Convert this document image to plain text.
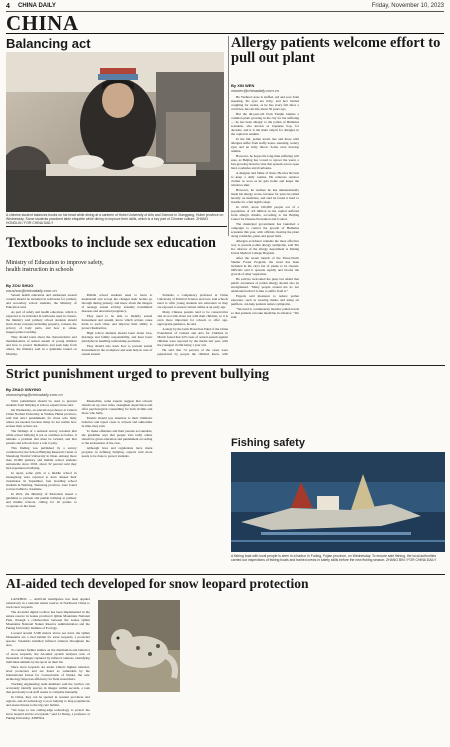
4 CHINA DAILY	Friday, November 10, 2023
CHINA
Balancing act
A chinese student balances books on his head while dining at a canteen of Hubei University of Arts and Science in Xiangyang, Hubei province on Wednesday. Some students practiced table etiquette while dining to improve their skills, which is a key part of Chinese culture. ZHANG HONGLIN / FOR CHINA DAILY
Allergy patients welcome effort to pull out plant
By XIN WEN
xinwen@chinadaily.com.cn

He Yazhuo's nose is stuffed, red and sore from sneezing, his eyes are itchy, and he's battled coughing for weeks, as he has every fall since a cold blew into his life about 30 years ago.

But the 46-year-old from Tianjin blames a common plant growing in the city for his suffering — he has been allergic to the pollen of Humulus scandens, also known as Japanese hop, for decades, and it is the main culprit for allergies in the capital in autumn.

In the fall, pollen levels rise and those with allergies suffer from stuffy noses, sneezing, watery eyes and an itchy throat. Some even develop asthma.

However, he hopes his long-time suffering will ease, as Beijing has vowed to uproot the weed, a fast-growing invasive vine that spreads across open land, roadsides and riverbanks.

A designer and father of three, He tries his best to keep a daily routine. He removes outdoor clothes as soon as he gets home and keeps the windows shut.

However, he realizes he has unintentionally made his allergy worse, because for years he relied heavily on medicine, and said he found it hard to breathe for a full night's sleep.

In 2016, about 100,000 people out of a population of 4.6 million in the capital suffered from allergic rhinitis, according to the Beijing Center for Disease Prevention and Control.

The municipal government has launched a campaign to control the growth of Humulus scandens this year, with officials clearing the plant along roadsides, parks and green belts.

Allergen avoidance remains the most effective way to prevent pollen allergy symptoms, said Yin Jia, director of the allergy department at Peking Union Medical College Hospital.

After the recent launch of the Three-North Shelter Forest Program, the weed has been included in the city's list of plants to be cleared. Officials said it spreads rapidly and blocks the growth of other vegetation.

He said he welcomed the plan, but added that public awareness of pollen allergy should also be strengthened. "Many people around me do not understand what it is like to suffer from it."

Experts said measures to reduce pollen exposure, such as wearing masks and using air purifiers, can help patients reduce symptoms.

"We need to continuously monitor pollen levels so that patients can take medicine in advance," Yin said.

Textbooks to include sex education
Ministry of Education to improve safety, health instruction in schools
By ZOU SHUO
zoushuo@chinadaily.com.cn

Sexual health education and antisexual assault content should be included in textbooks for primary and secondary school students, the Ministry of Education said.

As part of safety and health education, which is expected to be included in textbooks used in classes, the ministry said primary school students should learn about concepts including property, consent, the privacy of body parts, and how to refuse inappropriate touching.

They should learn about the characteristics and manifestations of sexual assault of young children and how to protect themselves and seek help from others, the ministry said in a guideline issued on Monday.

Middle school students need to learn to understand and accept the changes their bodies go through during puberty, and know about the dangers of teenage sexual activity, sexually transmitted diseases and unwanted pregnancy.

They need to be able to identify sexual harassment and assault, know which actions cause harm to each other, and improve their ability to protect themselves.

High school students should learn about love, marriage and family responsibility, and have basic principles in handling relationship problems.

They should also learn how to prevent sexual harassment in the workplace and seek help in case of sexual assault.

Students, a compulsory professor at China University of Political Science and Law, said schools need to offer young students sex education as they are exposed to sexual content online at an early age.

Many Chinese parents tend to be conservative and do not talk about sex with their children, so it is even more important for schools to offer age-appropriate guidance, he said.

A study by the Girls Protection Fund of the China Foundation of Culture and Arts for Children in March found that 223 cases of sexual assault against children were reported by the media last year, with the youngest victim being 1 year old.

He said that 74 percent of the cases were perpetrated by people the children knew, with

Strict punishment urged to prevent bullying
By ZHAO XINYING
zhaoxinying@chinadaily.com.cn

Strict punishment should be used to prevent students from bullying at school, experts have said.

On Wednesday, an education professor at Central China Normal University in Wuhan, Hubei province, said that strict punishments for those who bully others are needed, because many do not realize how serious their actions are.

The findings of a national survey revealed that while school bullying is not as common as before, it remains a problem that must be tackled, and that parents and schools have a role to play.

This finding was published by a survey conducted by the School Bullying Research Center at Shandong Normal University in Jinan. Among more than 10,000 primary and middle school students nationwide since 2018, about 32 percent said they had experienced bullying.

In April, some girls at a middle school in Guangdong were reported to have abused their classmates. In September, four boarding school students in Weifang, Shandong province, were found to have bullied a classmate.

In 2021, the Ministry of Education issued a guideline to prevent and punish bullying at primary and middle schools, calling for all parties to cooperate on the issue.

Meanwhile, some experts suggest that schools should set up clear rules, strengthen supervision and offer psychological counselling for both victims and those who bully.

Parents should pay attention to their children's behavior and report cases to schools and authorities in time, they said.

To make offenders and their parents accountable, the guideline says that people who bully others should be given education and punishment according to the seriousness of the case.

Although laws and regulations have made progress in defining bullying, experts said more needs to be done to protect students.

Fishing safety
A fishing boat with local people is seen in a harbor in Fuding, Fujian province, on Wednesday. To ensure safe fishing, the local authorities carried out inspections of fishing boats and trained crews in safety skills before the new fishing season. ZHANG BIN / FOR CHINA DAILY
AI-aided tech developed for snow leopard protection

LANZHOU — Artificial intelligence has been applied extensively in a national nature reserve in Northwest China to track snow leopards.

The AI-aided digital toolbox has been implemented in the nature reserve in Gansu province's Qilian Mountains National Park, through a collaboration between the Gansu Qilian Mountains National Nature Reserve Administration and the Peking University Institute of Ecology.

Located around 3,500 meters above sea level, the Qilian Mountains are a vital habitat for snow leopards, a protected species. Scientists installed infrared cameras throughout the area.

To conduct further studies on the distribution and behavior of snow leopards, the AI-aided system analyzes tens of thousands of images captured by infrared cameras, identifying individual animals by the spots on their fur.

Since snow leopards are under China's highest national-level protection and are listed as vulnerable by the International Union for Conservation of Nature, the new technology improves efficiency for field researchers.

Tracking engineering team members said the toolbox can accurately identify species in images within seconds, a task that previously took staff weeks to complete manually.

In China, they can be spotted in western provinces and regions, and AI technology is now helping to map populations and assess threats to the big cats' habitat.

"We hope to use cutting-edge technology to protect the snow leopard and its ecosystem," said Li Sheng, a professor at Peking University. XINHUA
